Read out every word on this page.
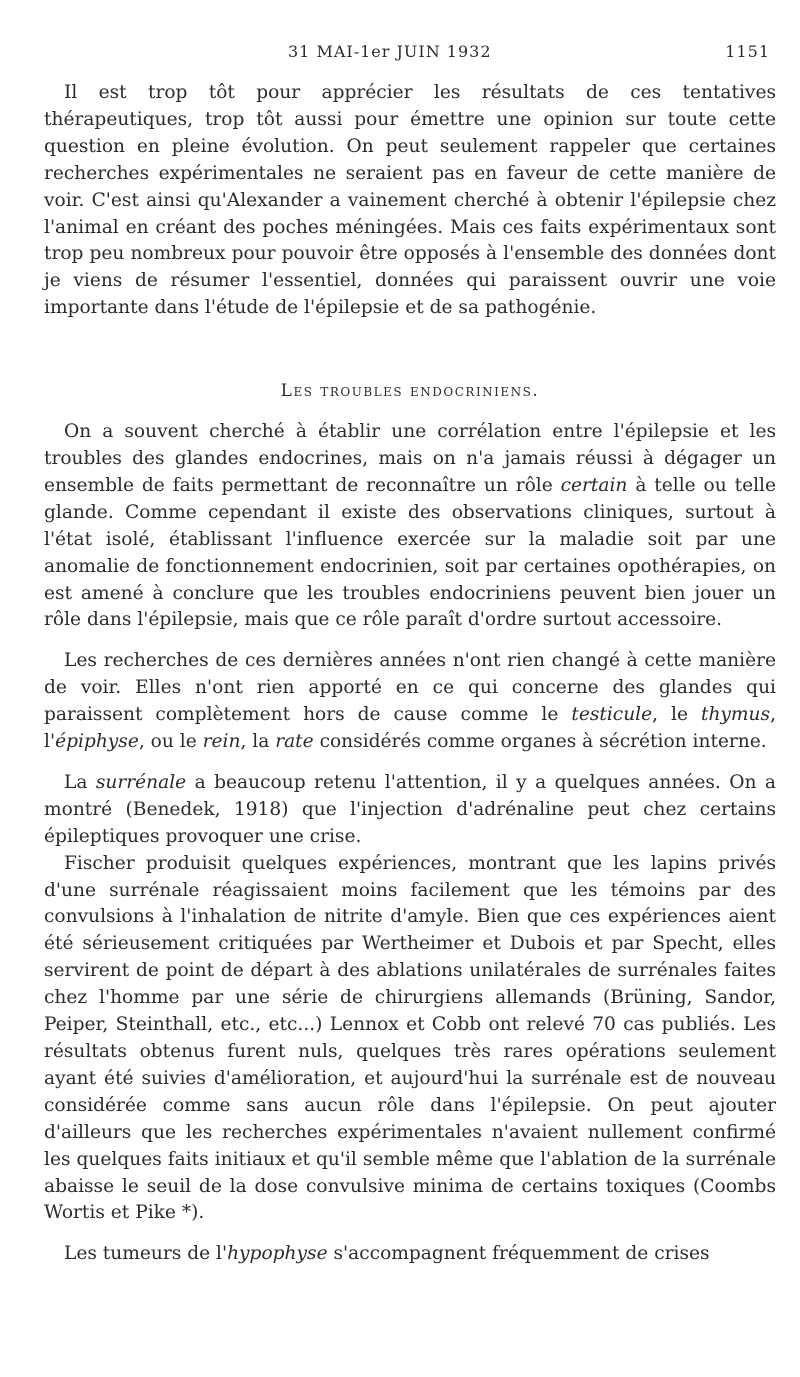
31 MAI-1er JUIN 1932	1151

Il est trop tôt pour apprécier les résultats de ces tentatives thérapeutiques, trop tôt aussi pour émettre une opinion sur toute cette question en pleine évolution. On peut seulement rappeler que certaines recherches expérimentales ne seraient pas en faveur de cette manière de voir. C'est ainsi qu'Alexander a vainement cherché à obtenir l'épilepsie chez l'animal en créant des poches méningées. Mais ces faits expérimentaux sont trop peu nombreux pour pouvoir être opposés à l'ensemble des données dont je viens de résumer l'essentiel, données qui paraissent ouvrir une voie importante dans l'étude de l'épilepsie et de sa pathogénie.

Les troubles endocriniens.

On a souvent cherché à établir une corrélation entre l'épilepsie et les troubles des glandes endocrines, mais on n'a jamais réussi à dégager un ensemble de faits permettant de reconnaître un rôle certain à telle ou telle glande. Comme cependant il existe des observations cliniques, surtout à l'état isolé, établissant l'influence exercée sur la maladie soit par une anomalie de fonctionnement endocrinien, soit par certaines opothérapies, on est amené à conclure que les troubles endocriniens peuvent bien jouer un rôle dans l'épilepsie, mais que ce rôle paraît d'ordre surtout accessoire.

Les recherches de ces dernières années n'ont rien changé à cette manière de voir. Elles n'ont rien apporté en ce qui concerne des glandes qui paraissent complètement hors de cause comme le testicule, le thymus, l'épiphyse, ou le rein, la rate considérés comme organes à sécrétion interne.

La surrénale a beaucoup retenu l'attention, il y a quelques années. On a montré (Benedek, 1918) que l'injection d'adrénaline peut chez certains épileptiques provoquer une crise.

Fischer produisit quelques expériences, montrant que les lapins privés d'une surrénale réagissaient moins facilement que les témoins par des convulsions à l'inhalation de nitrite d'amyle. Bien que ces expériences aient été sérieusement critiquées par Wertheimer et Dubois et par Specht, elles servirent de point de départ à des ablations unilatérales de surrénales faites chez l'homme par une série de chirurgiens allemands (Brüning, Sandor, Peiper, Steinthall, etc., etc...) Lennox et Cobb ont relevé 70 cas publiés. Les résultats obtenus furent nuls, quelques très rares opérations seulement ayant été suivies d'amélioration, et aujourd'hui la surrénale est de nouveau considérée comme sans aucun rôle dans l'épilepsie. On peut ajouter d'ailleurs que les recherches expérimentales n'avaient nullement confirmé les quelques faits initiaux et qu'il semble même que l'ablation de la surrénale abaisse le seuil de la dose convulsive minima de certains toxiques (Coombs Wortis et Pike *).

Les tumeurs de l'hypophyse s'accompagnent fréquemment de crises
